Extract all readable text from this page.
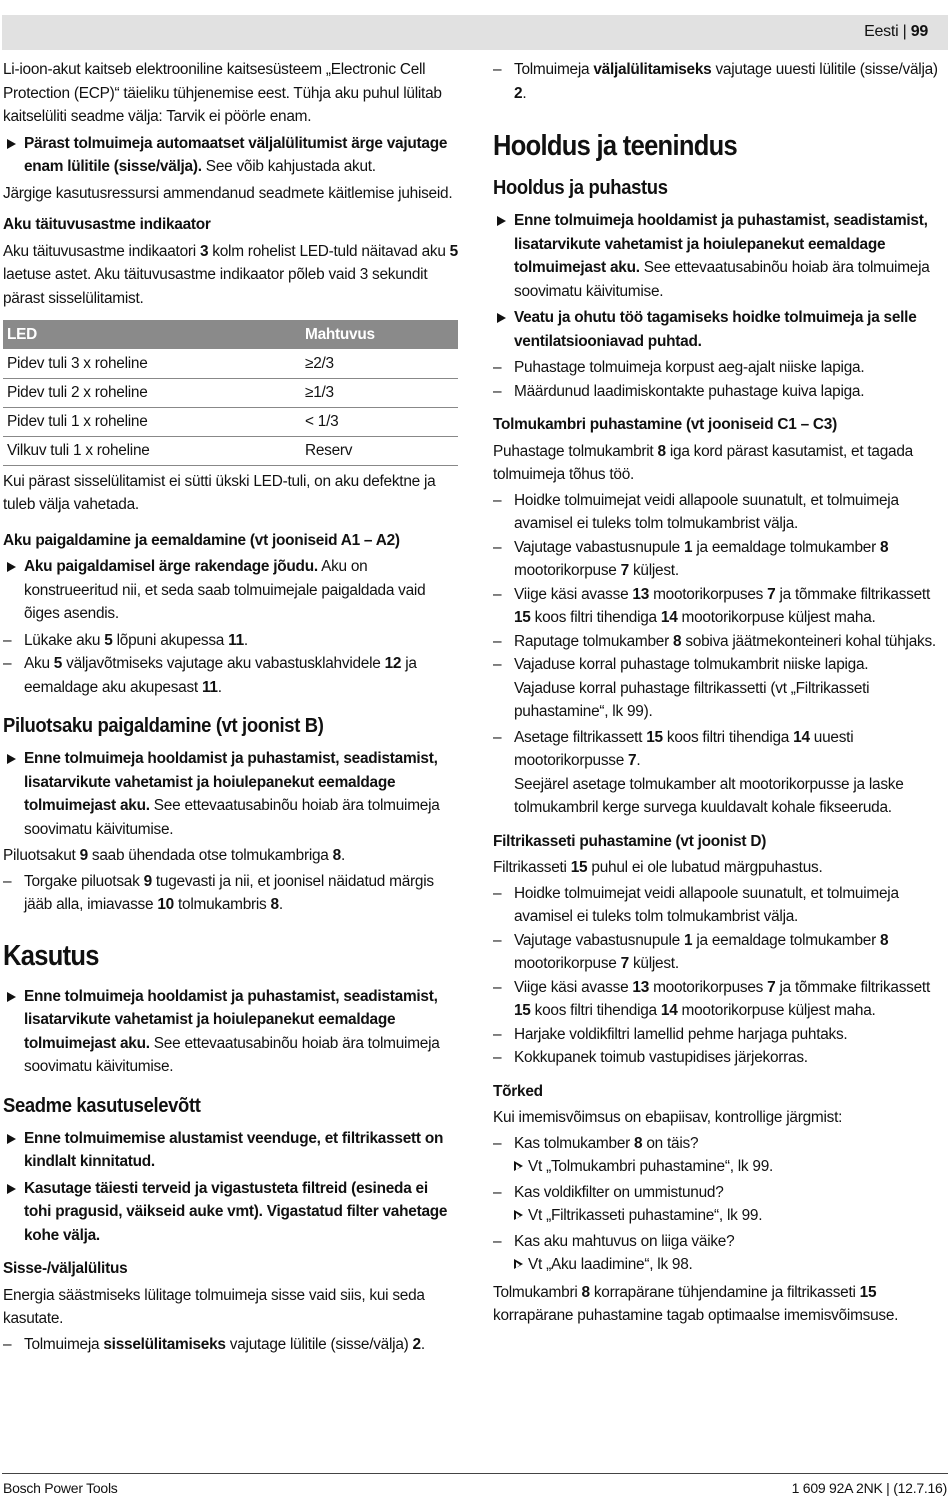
Eesti | 99

Li-ioon-akut kaitseb elektrooniline kaitsesüsteem „Electronic Cell Protection (ECP)“ täieliku tühjenemise eest. Tühja aku puhul lülitab kaitselüliti seadme välja: Tarvik ei pöörle enam.

Pärast tolmuimeja automaatset väljalülitumist ärge vajutage enam lülitile (sisse/välja). See võib kahjustada akut.

Järgige kasutusressursi ammendanud seadmete käitlemise juhiseid.

Aku täituvusastme indikaator

Aku täituvusastme indikaatori 3 kolm rohelist LED-tuld näitavad aku 5 laetuse astet. Aku täituvusastme indikaator põleb vaid 3 sekundit pärast sisselülitamist.

LED	Mahtuvus
Pidev tuli 3 x roheline	≥2/3
Pidev tuli 2 x roheline	≥1/3
Pidev tuli 1 x roheline	< 1/3
Vilkuv tuli 1 x roheline	Reserv

Kui pärast sisselülitamist ei sütti ükski LED-tuli, on aku defektne ja tuleb välja vahetada.

Aku paigaldamine ja eemaldamine (vt jooniseid A1 – A2)
Aku paigaldamisel ärge rakendage jõudu. Aku on konstrueeritud nii, et seda saab tolmuimejale paigaldada vaid õiges asendis.
– Lükake aku 5 lõpuni akupessa 11.
– Aku 5 väljavõtmiseks vajutage aku vabastusklahvidele 12 ja eemaldage aku akupesast 11.
Piluotsaku paigaldamine (vt joonist B)
Enne tolmuimeja hooldamist ja puhastamist, seadistamist, lisatarvikute vahetamist ja hoiulepanekut eemaldage tolmuimejast aku. See ettevaatusabinõu hoiab ära tolmuimeja soovimatu käivitumise.

Piluotsakut 9 saab ühendada otse tolmukambriga 8.

– Torgake piluotsak 9 tugevasti ja nii, et joonisel näidatud märgis jääb alla, imiavasse 10 tolmukambris 8.
Kasutus
Enne tolmuimeja hooldamist ja puhastamist, seadistamist, lisatarvikute vahetamist ja hoiulepanekut eemaldage tolmuimejast aku. See ettevaatusabinõu hoiab ära tolmuimeja soovimatu käivitumise.
Seadme kasutuselevõtt
Enne tolmuimemise alustamist veenduge, et filtrikassett on kindlalt kinnitatud.
Kasutage täiesti terveid ja vigastusteta filtreid (esinedа ei tohi pragusid, väikseid auke vmt). Vigastatud filter vahetage kohe välja.
Sisse-/väljalülitus

Energia säästmiseks lülitage tolmuimeja sisse vaid siis, kui seda kasutate.

– Tolmuimeja sisselülitamiseks vajutage lülitile (sisse/välja) 2.
– Tolmuimeja väljalülitamiseks vajutage uuesti lülitile (sisse/välja) 2.
Hooldus ja teenindus
Hooldus ja puhastus
Enne tolmuimeja hooldamist ja puhastamist, seadistamist, lisatarvikute vahetamist ja hoiulepanekut eemaldage tolmuimejast aku. See ettevaatusabinõu hoiab ära tolmuimeja soovimatu käivitumise.
Veatu ja ohutu töö tagamiseks hoidke tolmuimeja ja selle ventilatsiooniavad puhtad.
– Puhastage tolmuimeja korpust aeg-ajalt niiske lapiga.
– Määrdunud laadimiskontakte puhastage kuiva lapiga.
Tolmukambri puhastamine (vt jooniseid C1 – C3)

Puhastage tolmukambrit 8 iga kord pärast kasutamist, et tagada tolmuimeja tõhus töö.

– Hoidke tolmuimejat veidi allapoole suunatult, et tolmuimeja avamisel ei tuleks tolm tolmukambrist välja.
– Vajutage vabastusnupule 1 ja eemaldage tolmukamber 8 mootorikorpuse 7 küljest.
– Viige käsi avasse 13 mootorikorpuses 7 ja tõmmake filtrikassett 15 koos filtri tihendiga 14 mootorikorpuse küljest maha.
– Raputage tolmukamber 8 sobiva jäätmekonteineri kohal tühjaks.
– Vajaduse korral puhastage tolmukambrit niiske lapiga.

Vajaduse korral puhastage filtrikassetti (vt „Filtrikasseti puhastamine“, lk 99).

– Asetage filtrikassett 15 koos filtri tihendiga 14 uuesti mootorikorpusse 7.

Seejärel asetage tolmukamber alt mootorikorpusse ja laske tolmukambril kerge survega kuuldavalt kohale fikseeruda.

Filtrikasseti puhastamine (vt joonist D)

Filtrikasseti 15 puhul ei ole lubatud märgpuhastus.

– Hoidke tolmuimejat veidi allapoole suunatult, et tolmuimeja avamisel ei tuleks tolm tolmukambrist välja.
– Vajutage vabastusnupule 1 ja eemaldage tolmukamber 8 mootorikorpuse 7 küljest.
– Viige käsi avasse 13 mootorikorpuses 7 ja tõmmake filtrikassett 15 koos filtri tihendiga 14 mootorikorpuse küljest maha.
– Harjake voldikfiltri lamellid pehme harjaga puhtaks.
– Kokkupanek toimub vastupidises järjekorras.
Tõrked

Kui imemisvõimsus on ebapiisav, kontrollige järgmist:

– Kas tolmukamber 8 on täis?

Vt „Tolmukambri puhastamine“, lk 99.

– Kas voldikfilter on ummistunud?

Vt „Filtrikasseti puhastamine“, lk 99.

– Kas aku mahtuvus on liiga väike?

Vt „Aku laadimine“, lk 98.

Tolmukambri 8 korrapärane tühjendamine ja filtrikasseti 15 korrapärane puhastamine tagab optimaalse imemisvõimsuse.

Bosch Power Tools	1 609 92A 2NK | (12.7.16)
